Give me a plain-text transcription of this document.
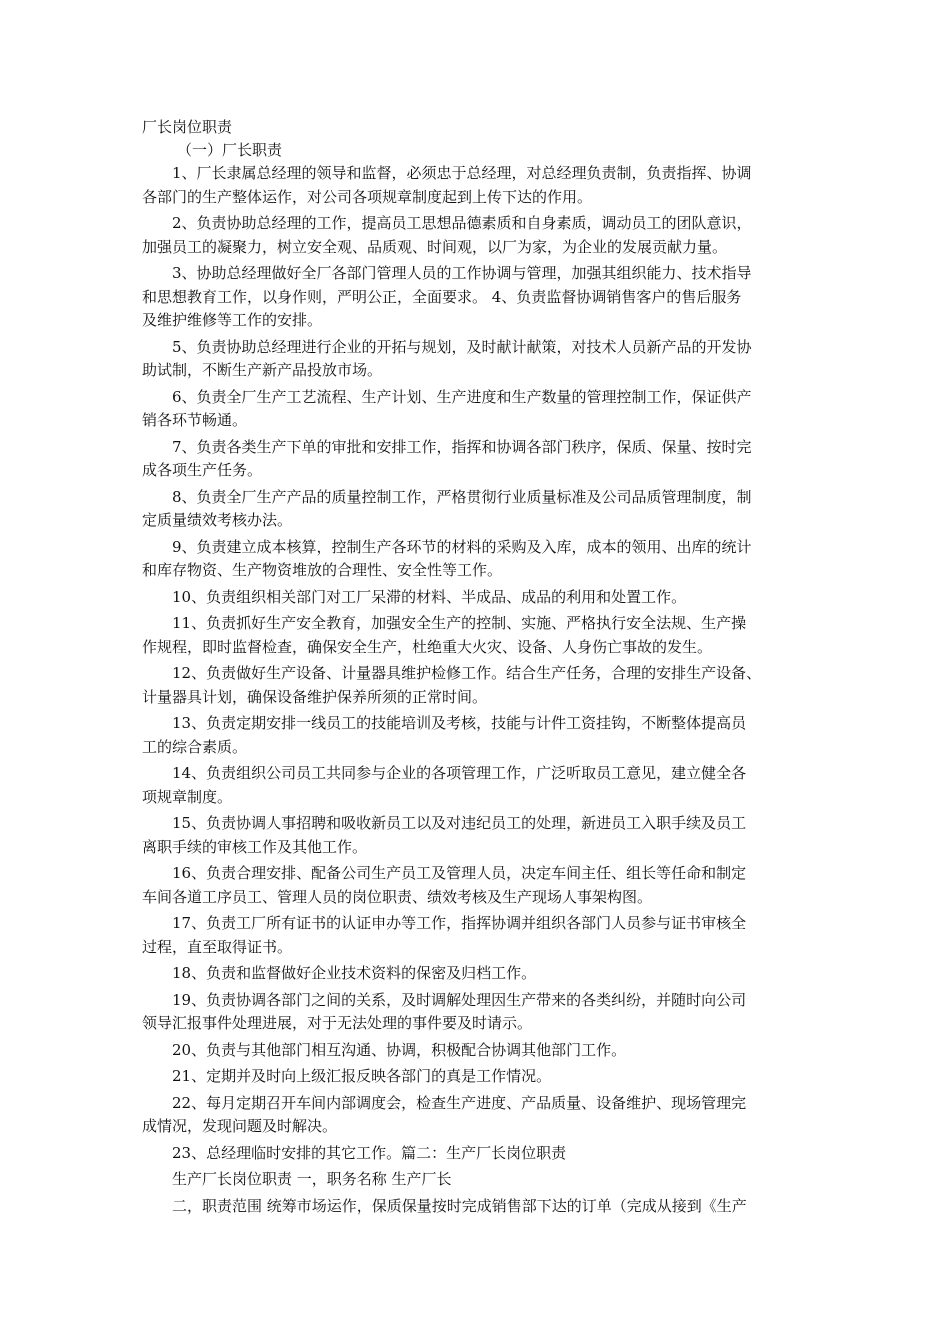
厂长岗位职责
（一）厂长职责

1、厂长隶属总经理的领导和监督，必须忠于总经理，对总经理负责制，负责指挥、协调
各部门的生产整体运作，对公司各项规章制度起到上传下达的作用。

2、负责协助总经理的工作，提高员工思想品德素质和自身素质，调动员工的团队意识，
加强员工的凝聚力，树立安全观、品质观、时间观，以厂为家，为企业的发展贡献力量。

3、协助总经理做好全厂各部门管理人员的工作协调与管理，加强其组织能力、技术指导
和思想教育工作，以身作则，严明公正，全面要求。 4、负责监督协调销售客户的售后服务
及维护维修等工作的安排。

5、负责协助总经理进行企业的开拓与规划，及时献计献策，对技术人员新产品的开发协
助试制，不断生产新产品投放市场。

6、负责全厂生产工艺流程、生产计划、生产进度和生产数量的管理控制工作，保证供产
销各环节畅通。

7、负责各类生产下单的审批和安排工作，指挥和协调各部门秩序，保质、保量、按时完
成各项生产任务。

8、负责全厂生产产品的质量控制工作，严格贯彻行业质量标准及公司品质管理制度，制
定质量绩效考核办法。

9、负责建立成本核算，控制生产各环节的材料的采购及入库，成本的领用、出库的统计
和库存物资、生产物资堆放的合理性、安全性等工作。

10、负责组织相关部门对工厂呆滞的材料、半成品、成品的利用和处置工作。

11、负责抓好生产安全教育，加强安全生产的控制、实施、严格执行安全法规、生产操
作规程，即时监督检查，确保安全生产，杜绝重大火灾、设备、人身伤亡事故的发生。

12、负责做好生产设备、计量器具维护检修工作。结合生产任务，合理的安排生产设备、
计量器具计划，确保设备维护保养所须的正常时间。

13、负责定期安排一线员工的技能培训及考核，技能与计件工资挂钩，不断整体提高员
工的综合素质。

14、负责组织公司员工共同参与企业的各项管理工作，广泛听取员工意见，建立健全各
项规章制度。

15、负责协调人事招聘和吸收新员工以及对违纪员工的处理，新进员工入职手续及员工
离职手续的审核工作及其他工作。

16、负责合理安排、配备公司生产员工及管理人员，决定车间主任、组长等任命和制定
车间各道工序员工、管理人员的岗位职责、绩效考核及生产现场人事架构图。

17、负责工厂所有证书的认证申办等工作，指挥协调并组织各部门人员参与证书审核全
过程，直至取得证书。

18、负责和监督做好企业技术资料的保密及归档工作。

19、负责协调各部门之间的关系，及时调解处理因生产带来的各类纠纷，并随时向公司
领导汇报事件处理进展，对于无法处理的事件要及时请示。

20、负责与其他部门相互沟通、协调，积极配合协调其他部门工作。

21、定期并及时向上级汇报反映各部门的真是工作情况。

22、每月定期召开车间内部调度会，检查生产进度、产品质量、设备维护、现场管理完
成情况，发现问题及时解决。

23、总经理临时安排的其它工作。篇二：生产厂长岗位职责

生产厂长岗位职责 一，职务名称 生产厂长

二，职责范围 统筹市场运作，保质保量按时完成销售部下达的订单（完成从接到《生产
